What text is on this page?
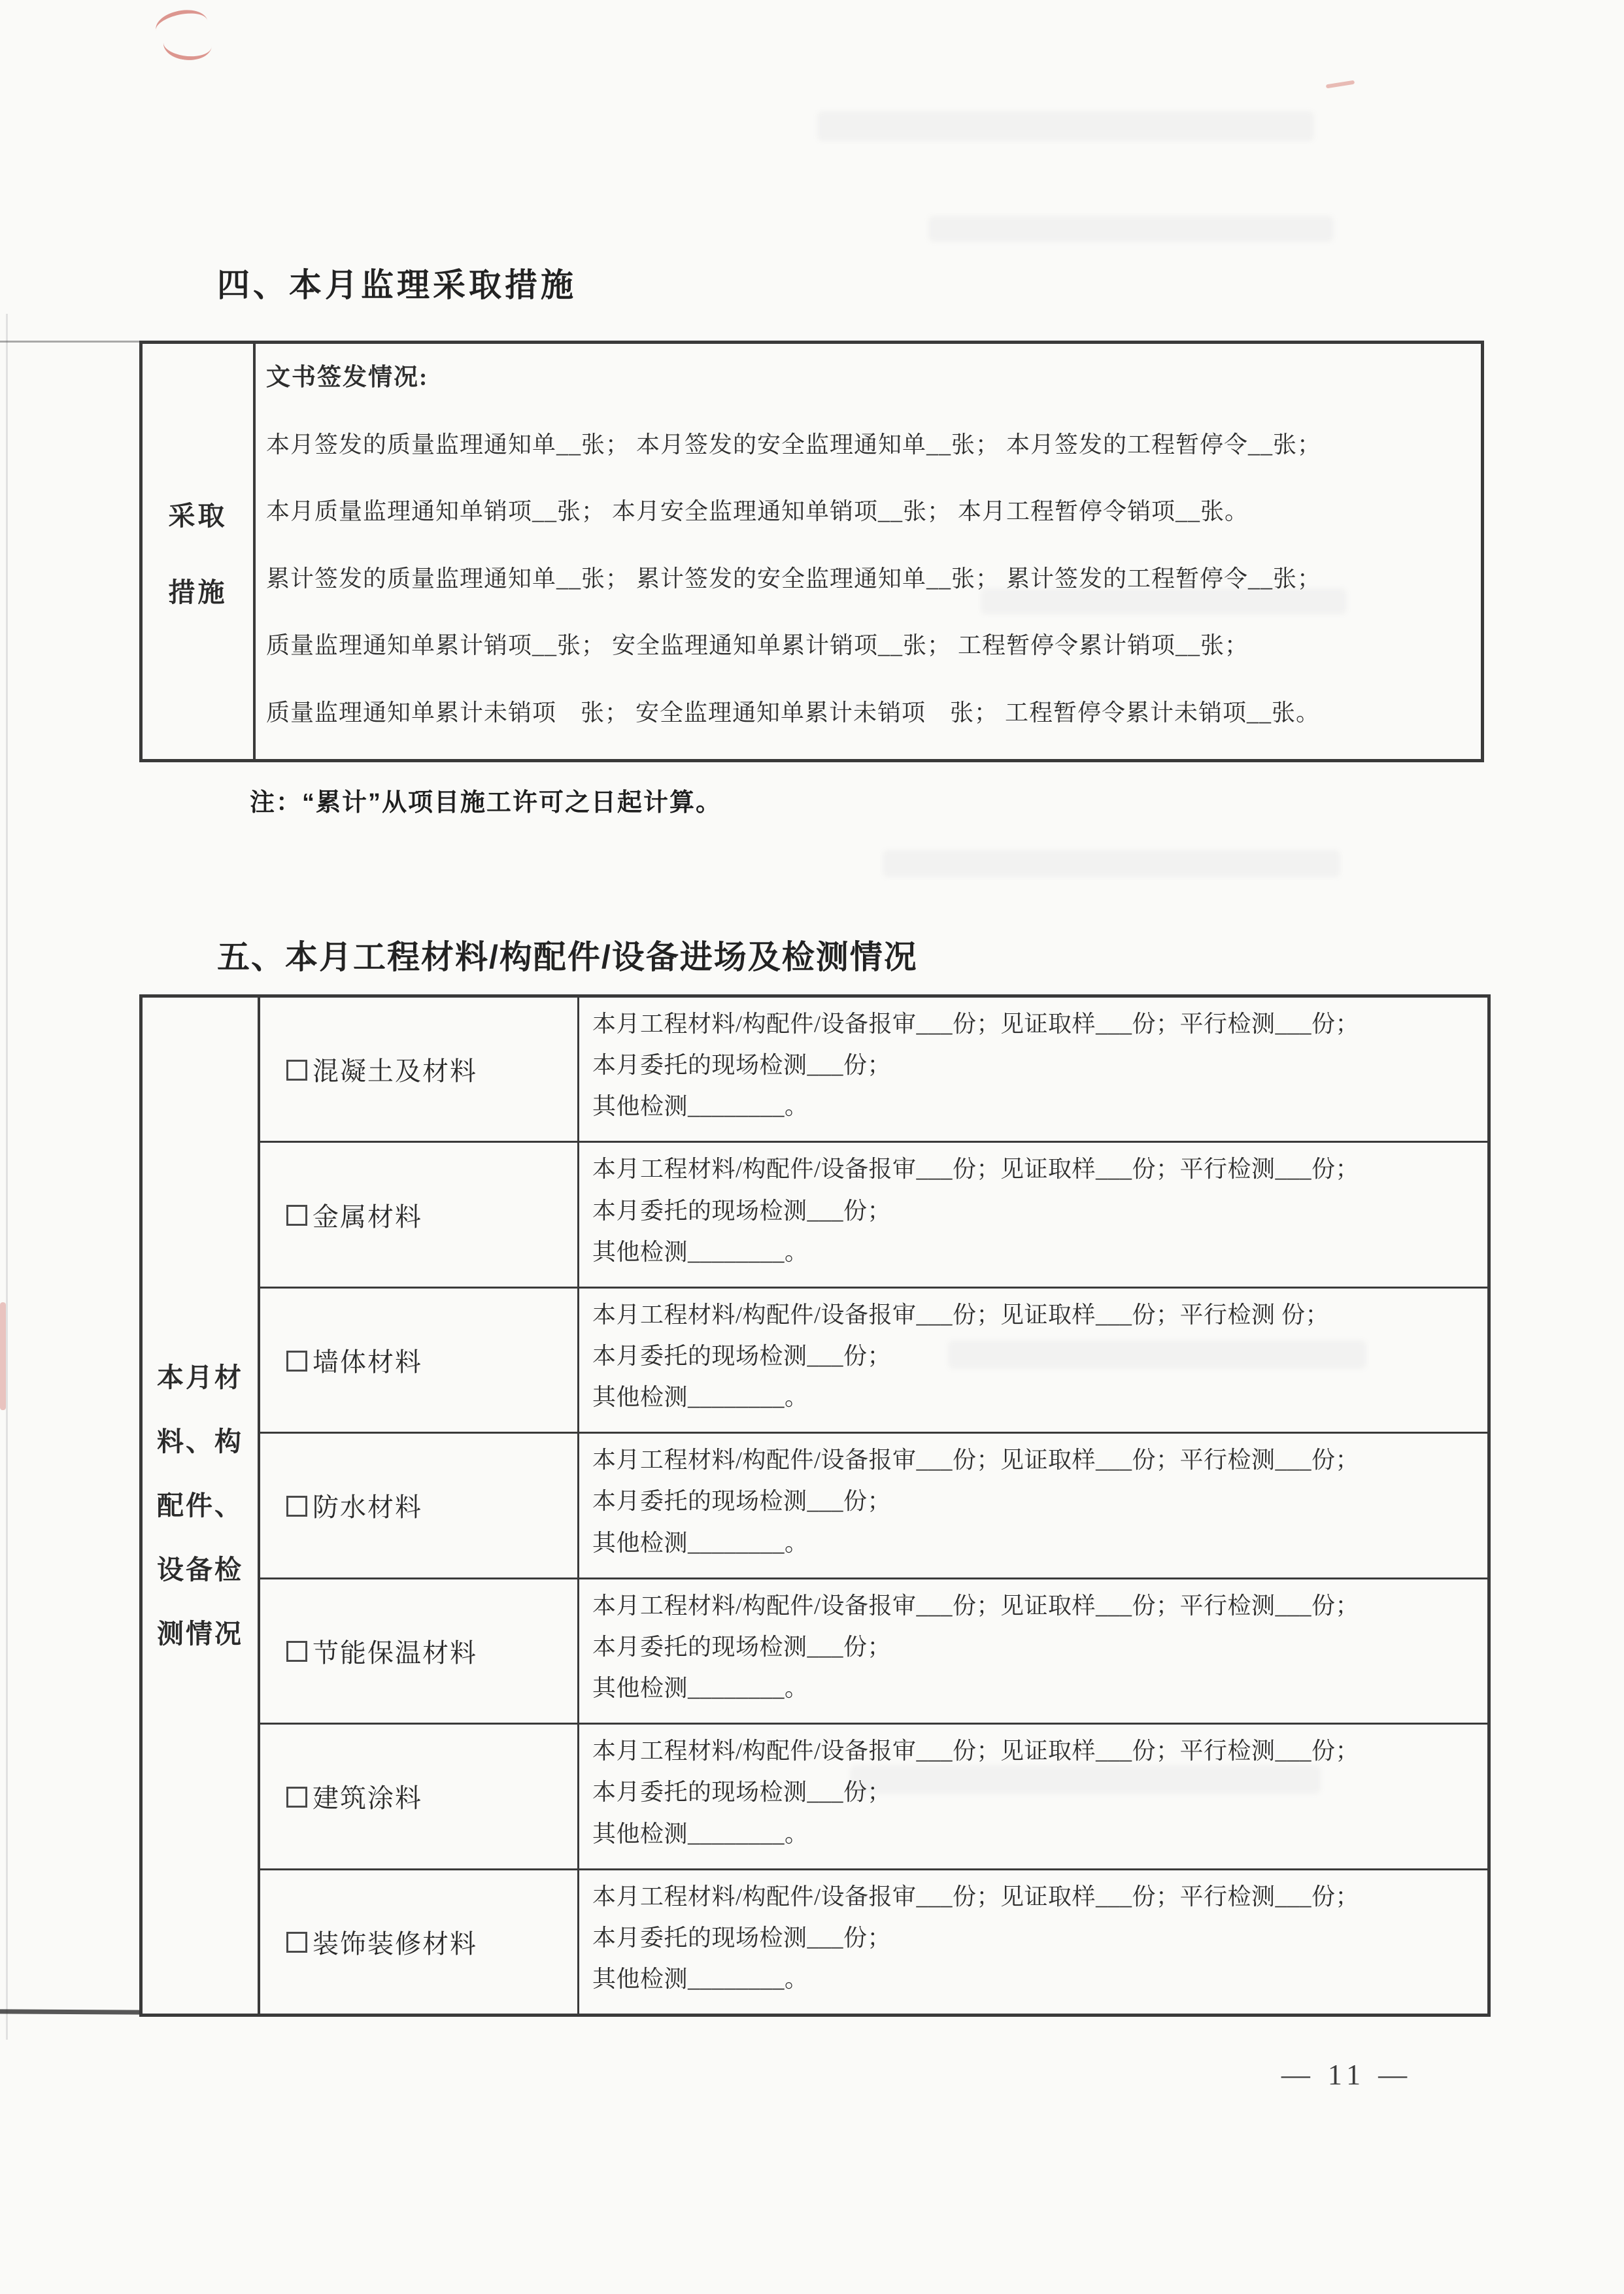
四、本月监理采取措施
采取
措施
文书签发情况:
本月签发的质量监理通知单__张； 本月签发的安全监理通知单__张； 本月签发的工程暂停令__张；
本月质量监理通知单销项__张； 本月安全监理通知单销项__张； 本月工程暂停令销项__张。
累计签发的质量监理通知单__张； 累计签发的安全监理通知单__张； 累计签发的工程暂停令__张；
质量监理通知单累计销项__张； 安全监理通知单累计销项__张； 工程暂停令累计销项__张；
质量监理通知单累计未销项　张； 安全监理通知单累计未销项　张； 工程暂停令累计未销项__张。
注：“累计”从项目施工许可之日起计算。
五、本月工程材料/构配件/设备进场及检测情况
本月材
料、构
配件、
设备检
测情况
混凝土及材料
本月工程材料/构配件/设备报审___份；见证取样___份；平行检测___份；
本月委托的现场检测___份；
其他检测________。
金属材料
本月工程材料/构配件/设备报审___份；见证取样___份；平行检测___份；
本月委托的现场检测___份；
其他检测________。
墙体材料
本月工程材料/构配件/设备报审___份；见证取样___份；平行检测 份；
本月委托的现场检测___份；
其他检测________。
防水材料
本月工程材料/构配件/设备报审___份；见证取样___份；平行检测___份；
本月委托的现场检测___份；
其他检测________。
节能保温材料
本月工程材料/构配件/设备报审___份；见证取样___份；平行检测___份；
本月委托的现场检测___份；
其他检测________。
建筑涂料
本月工程材料/构配件/设备报审___份；见证取样___份；平行检测___份；
本月委托的现场检测___份；
其他检测________。
装饰装修材料
本月工程材料/构配件/设备报审___份；见证取样___份；平行检测___份；
本月委托的现场检测___份；
其他检测________。
— 11 —
